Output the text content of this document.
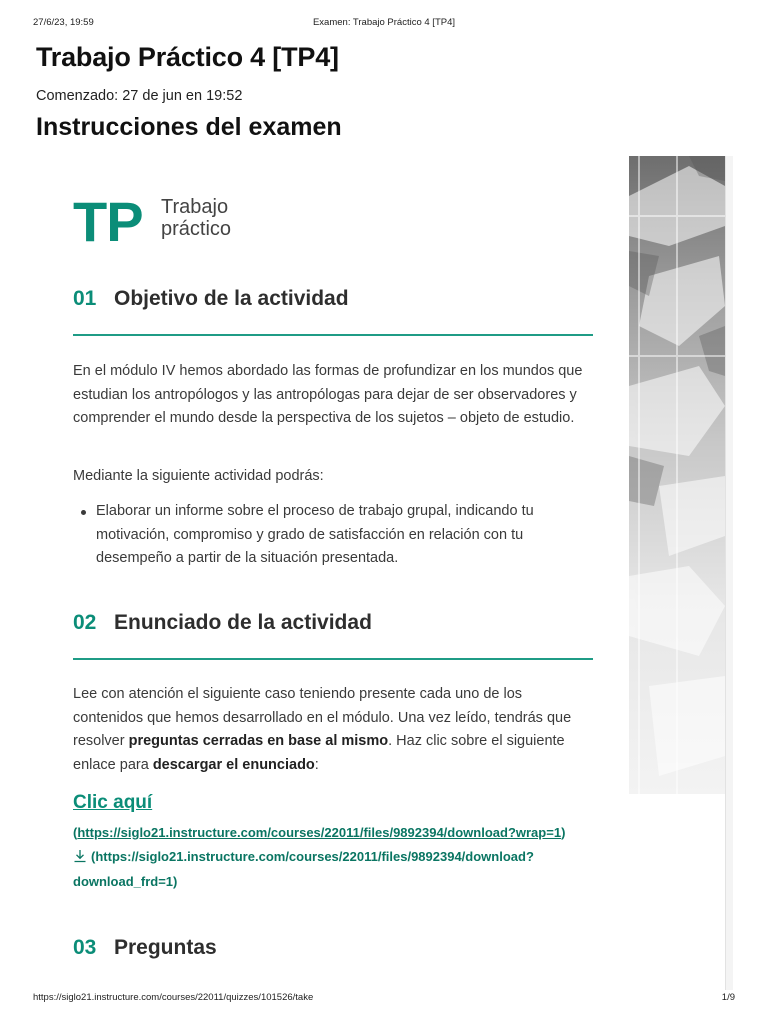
27/6/23, 19:59	Examen: Trabajo Práctico 4 [TP4]
Trabajo Práctico 4 [TP4]
Comenzado: 27 de jun en 19:52
Instrucciones del examen
TP Trabajo
práctico
01 Objetivo de la actividad
En el módulo IV hemos abordado las formas de profundizar en los mundos que estudian los antropólogos y las antropólogas para dejar de ser observadores y comprender el mundo desde la perspectiva de los sujetos – objeto de estudio.
Mediante la siguiente actividad podrás:
Elaborar un informe sobre el proceso de trabajo grupal, indicando tu motivación, compromiso y grado de satisfacción en relación con tu desempeño a partir de la situación presentada.
02 Enunciado de la actividad
Lee con atención el siguiente caso teniendo presente cada uno de los contenidos que hemos desarrollado en el módulo. Una vez leído, tendrás que resolver preguntas cerradas en base al mismo. Haz clic sobre el siguiente enlace para descargar el enunciado:
Clic aquí
(https://siglo21.instructure.com/courses/22011/files/9892394/download?wrap=1)
(https://siglo21.instructure.com/courses/22011/files/9892394/download?download_frd=1)
03 Preguntas
https://siglo21.instructure.com/courses/22011/quizzes/101526/take	1/9
